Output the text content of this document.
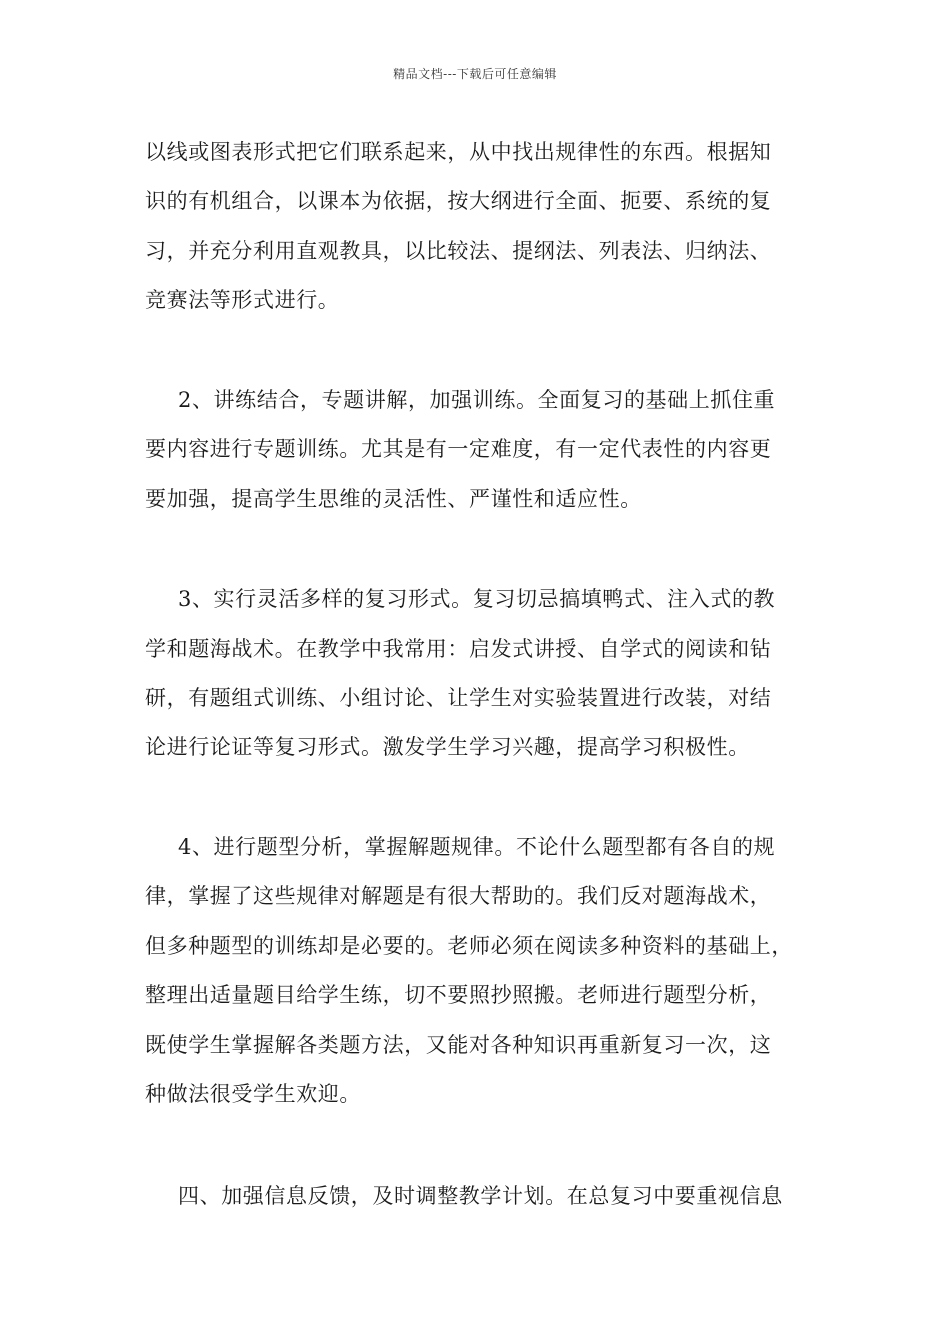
精品文档---下载后可任意编辑
以线或图表形式把它们联系起来，从中找出规律性的东西。根据知
识的有机组合，以课本为依据，按大纲进行全面、扼要、系统的复
习，并充分利用直观教具，以比较法、提纲法、列表法、归纳法、
竞赛法等形式进行。
2、讲练结合，专题讲解，加强训练。全面复习的基础上抓住重
要内容进行专题训练。尤其是有一定难度，有一定代表性的内容更
要加强，提高学生思维的灵活性、严谨性和适应性。
3、实行灵活多样的复习形式。复习切忌搞填鸭式、注入式的教
学和题海战术。在教学中我常用：启发式讲授、自学式的阅读和钻
研，有题组式训练、小组讨论、让学生对实验装置进行改装，对结
论进行论证等复习形式。激发学生学习兴趣，提高学习积极性。
4、进行题型分析，掌握解题规律。不论什么题型都有各自的规
律，掌握了这些规律对解题是有很大帮助的。我们反对题海战术，
但多种题型的训练却是必要的。老师必须在阅读多种资料的基础上，
整理出适量题目给学生练，切不要照抄照搬。老师进行题型分析，
既使学生掌握解各类题方法，又能对各种知识再重新复习一次，这
种做法很受学生欢迎。
四、加强信息反馈，及时调整教学计划。在总复习中要重视信息
